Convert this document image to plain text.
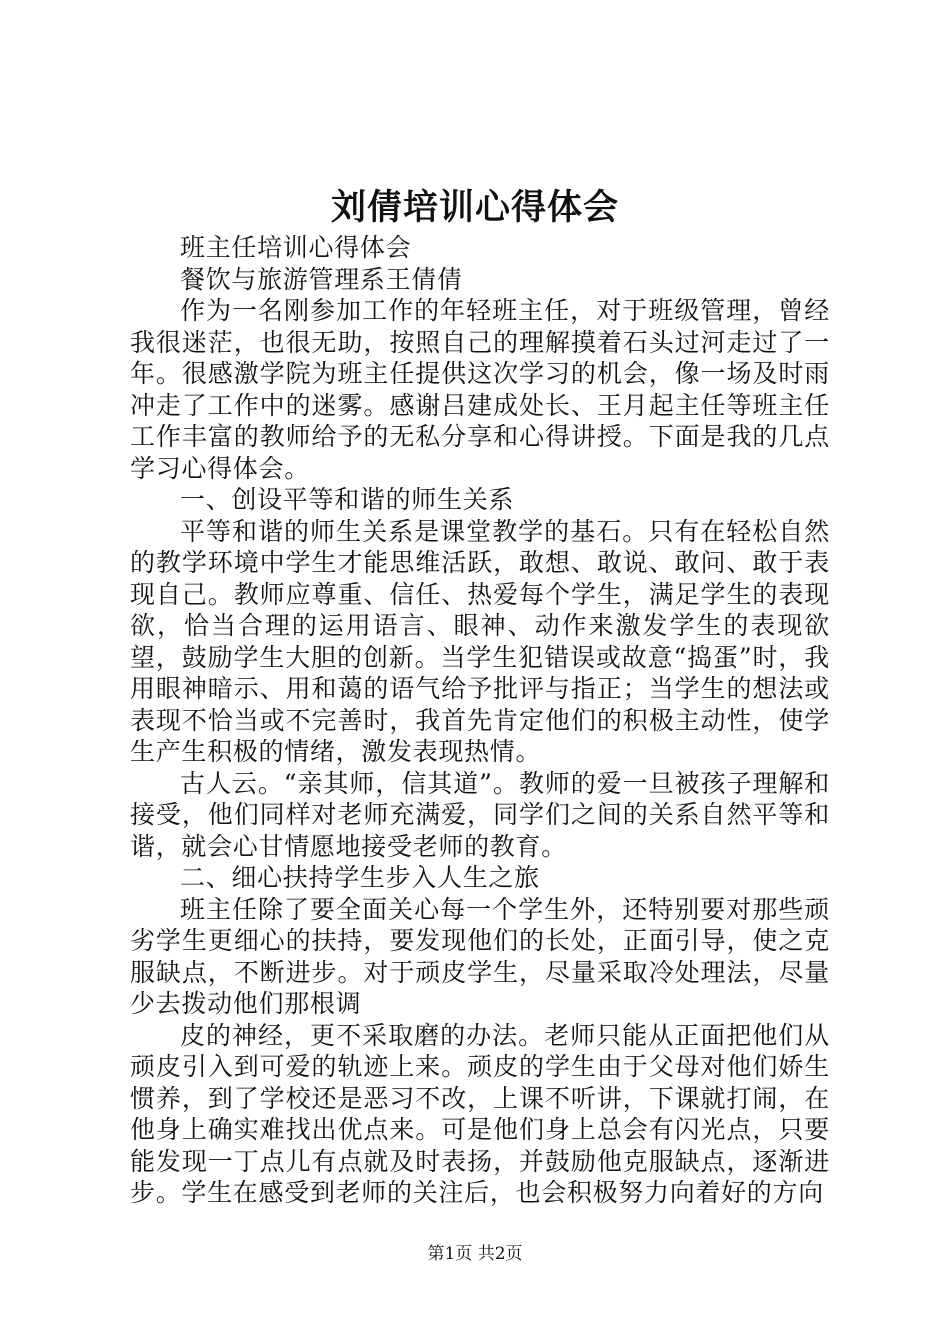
刘倩培训心得体会

班主任培训心得体会

餐饮与旅游管理系王倩倩

作为一名刚参加工作的年轻班主任，对于班级管理，曾经我很迷茫，也很无助，按照自己的理解摸着石头过河走过了一年。很感激学院为班主任提供这次学习的机会，像一场及时雨冲走了工作中的迷雾。感谢吕建成处长、王月起主任等班主任工作丰富的教师给予的无私分享和心得讲授。下面是我的几点学习心得体会。

一、创设平等和谐的师生关系

平等和谐的师生关系是课堂教学的基石。只有在轻松自然的教学环境中学生才能思维活跃，敢想、敢说、敢问、敢于表现自己。教师应尊重、信任、热爱每个学生，满足学生的表现欲，恰当合理的运用语言、眼神、动作来激发学生的表现欲望，鼓励学生大胆的创新。当学生犯错误或故意“捣蛋”时，我用眼神暗示、用和蔼的语气给予批评与指正；当学生的想法或表现不恰当或不完善时，我首先肯定他们的积极主动性，使学生产生积极的情绪，激发表现热情。

古人云。“亲其师，信其道”。教师的爱一旦被孩子理解和接受，他们同样对老师充满爱，同学们之间的关系自然平等和谐，就会心甘情愿地接受老师的教育。

二、细心扶持学生步入人生之旅

班主任除了要全面关心每一个学生外，还特别要对那些顽劣学生更细心的扶持，要发现他们的长处，正面引导，使之克服缺点，不断进步。对于顽皮学生，尽量采取冷处理法，尽量少去拨动他们那根调

皮的神经，更不采取磨的办法。老师只能从正面把他们从顽皮引入到可爱的轨迹上来。顽皮的学生由于父母对他们娇生惯养，到了学校还是恶习不改，上课不听讲，下课就打闹，在他身上确实难找出优点来。可是他们身上总会有闪光点，只要能发现一丁点儿有点就及时表扬，并鼓励他克服缺点，逐渐进步。学生在感受到老师的关注后，也会积极努力向着好的方向

第1页 共2页
